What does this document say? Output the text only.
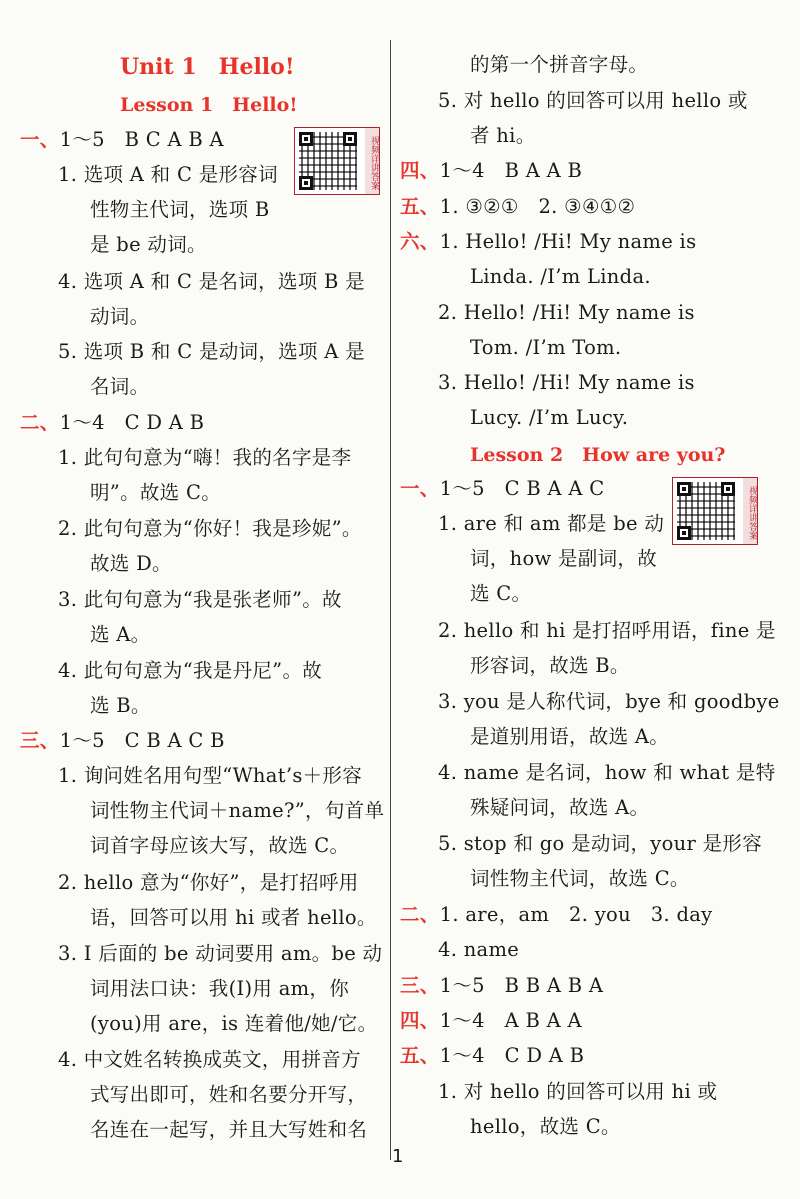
Unit 1　Hello!
Lesson 1　Hello!
视频详讲答案
一、1～5　B C A B A
1. 选项 A 和 C 是形容词
性物主代词，选项 B
是 be 动词。
4. 选项 A 和 C 是名词，选项 B 是
动词。
5. 选项 B 和 C 是动词，选项 A 是
名词。
二、1～4　C D A B
1. 此句句意为“嗨！我的名字是李
明”。故选 C。
2. 此句句意为“你好！我是珍妮”。
故选 D。
3. 此句句意为“我是张老师”。故
选 A。
4. 此句句意为“我是丹尼”。故
选 B。
三、1～5　C B A C B
1. 询问姓名用句型“What’s＋形容
词性物主代词＋name?”，句首单
词首字母应该大写，故选 C。
2. hello 意为“你好”，是打招呼用
语，回答可以用 hi 或者 hello。
3. I 后面的 be 动词要用 am。be 动
词用法口诀：我(I)用 am，你
(you)用 are，is 连着他/她/它。
4. 中文姓名转换成英文，用拼音方
式写出即可，姓和名要分开写，
名连在一起写，并且大写姓和名
的第一个拼音字母。
5. 对 hello 的回答可以用 hello 或
者 hi。
四、1～4　B A A B
五、1. ③②①　2. ③④①②
六、1. Hello! /Hi! My name is
Linda. /I’m Linda.
2. Hello! /Hi! My name is
Tom. /I’m Tom.
3. Hello! /Hi! My name is
Lucy. /I’m Lucy.
Lesson 2　How are you?
视频详讲答案
一、1～5　C B A A C
1. are 和 am 都是 be 动
词，how 是副词，故
选 C。
2. hello 和 hi 是打招呼用语，fine 是
形容词，故选 B。
3. you 是人称代词，bye 和 goodbye
是道别用语，故选 A。
4. name 是名词，how 和 what 是特
殊疑问词，故选 A。
5. stop 和 go 是动词，your 是形容
词性物主代词，故选 C。
二、1. are，am　2. you　3. day
4. name
三、1～5　B B A B A
四、1～4　A B A A
五、1～4　C D A B
1. 对 hello 的回答可以用 hi 或
hello，故选 C。
1
